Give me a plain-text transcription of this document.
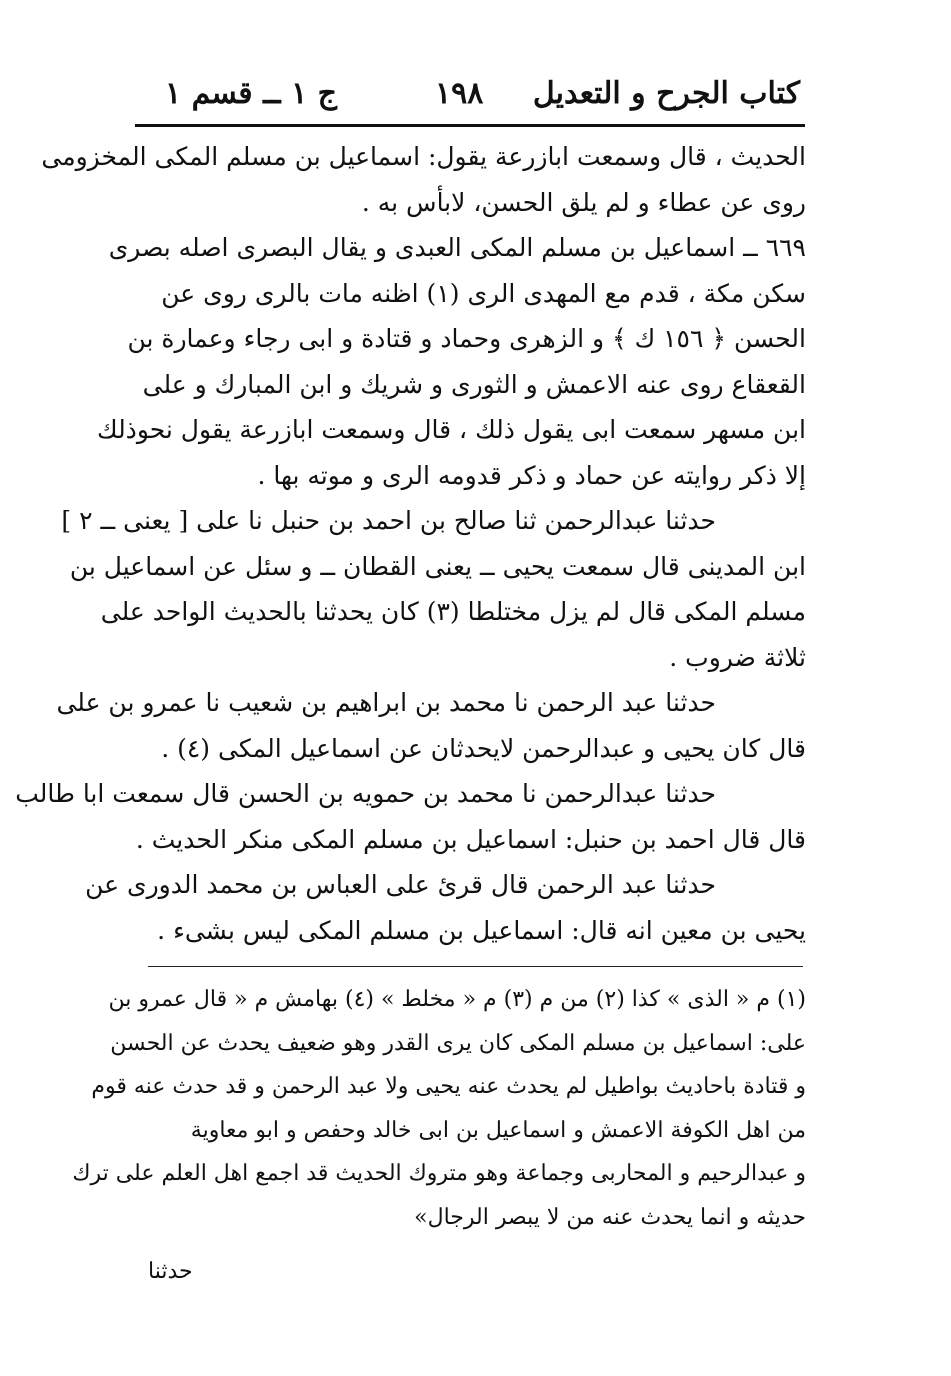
كتاب الجرح و التعديل
١٩٨
ج ١ ــ قسم ١
الحديث ، قال وسمعت ابازرعة يقول: اسماعيل بن مسلم المكى المخزومى
روى عن عطاء و لم يلق الحسن، لابأس به .
٦٦٩ ــ اسماعيل بن مسلم المكى العبدى و يقال البصرى اصله بصرى
سكن مكة ، قدم مع المهدى الرى (١) اظنه مات بالرى روى عن
الحسن ﴿ ١٥٦ ك ﴾ و الزهرى وحماد و قتادة و ابى رجاء وعمارة بن
القعقاع روى عنه الاعمش و الثورى و شريك و ابن المبارك و على
ابن مسهر سمعت ابى يقول ذلك ، قال وسمعت ابازرعة يقول نحوذلك
إلا ذكر روايته عن حماد و ذكر قدومه الرى و موته بها .
حدثنا عبدالرحمن ثنا صالح بن احمد بن حنبل نا على [ يعنى ــ ٢ ]
ابن المدينى قال سمعت يحيى ــ يعنى القطان ــ و سئل عن اسماعيل بن
مسلم المكى قال لم يزل مختلطا (٣) كان يحدثنا بالحديث الواحد على
ثلاثة ضروب .
حدثنا عبد الرحمن نا محمد بن ابراهيم بن شعيب نا عمرو بن على
قال كان يحيى و عبدالرحمن لايحدثان عن اسماعيل المكى (٤) .
حدثنا عبدالرحمن نا محمد بن حمويه بن الحسن قال سمعت ابا طالب
قال قال احمد بن حنبل: اسماعيل بن مسلم المكى منكر الحديث .
حدثنا عبد الرحمن قال قرئ على العباس بن محمد الدورى عن
يحيى بن معين انه قال: اسماعيل بن مسلم المكى ليس بشىء .
(١) م « الذى » كذا (٢) من م (٣) م « مخلط » (٤) بهامش م « قال عمرو بن
على: اسماعيل بن مسلم المكى كان يرى القدر وهو ضعيف يحدث عن الحسن
و قتادة باحاديث بواطيل لم يحدث عنه يحيى ولا عبد الرحمن و قد حدث عنه قوم
من اهل الكوفة الاعمش و اسماعيل بن ابى خالد وحفص و ابو معاوية
و عبدالرحيم و المحاربى وجماعة وهو متروك الحديث قد اجمع اهل العلم على ترك
حديثه و انما يحدث عنه من لا يبصر الرجال»
حدثنا
